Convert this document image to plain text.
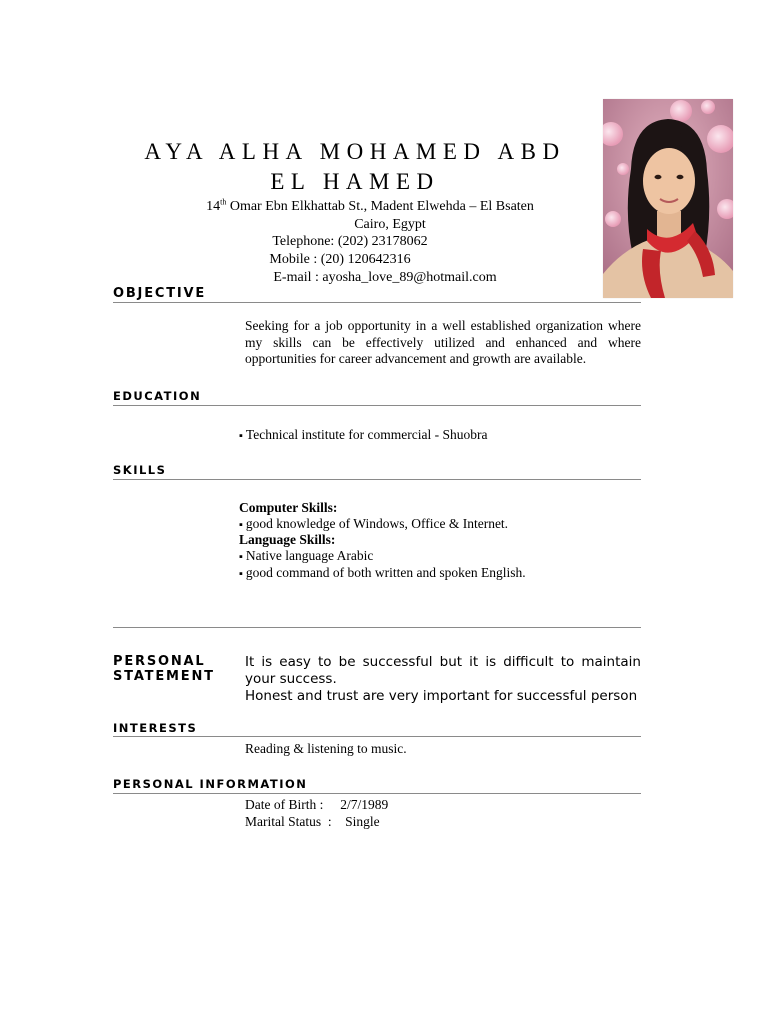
AYA ALHA MOHAMED ABD
EL HAMED
14th Omar Ebn Elkhattab St., Madent Elwehda – El Bsaten
Cairo, Egypt
Telephone: (202) 23178062
Mobile : (20) 120642316
E-mail : ayosha_love_89@hotmail.com
OBJECTIVE
Seeking for a job opportunity in a well established organization where my skills can be effectively utilized and enhanced and where opportunities for career advancement and growth are available.
EDUCATION
▪ Technical institute for commercial - Shuobra
SKILLS
Computer Skills:
▪ good knowledge of Windows, Office & Internet.
Language Skills:
▪ Native language Arabic
▪ good command of both written and spoken English.
PERSONAL
STATEMENT
It is easy to be successful but it is difficult to maintain your success.
Honest and trust are very important for successful person
INTERESTS
Reading & listening to music.
PERSONAL INFORMATION
Date of Birth :     2/7/1989
Marital Status  :    Single
